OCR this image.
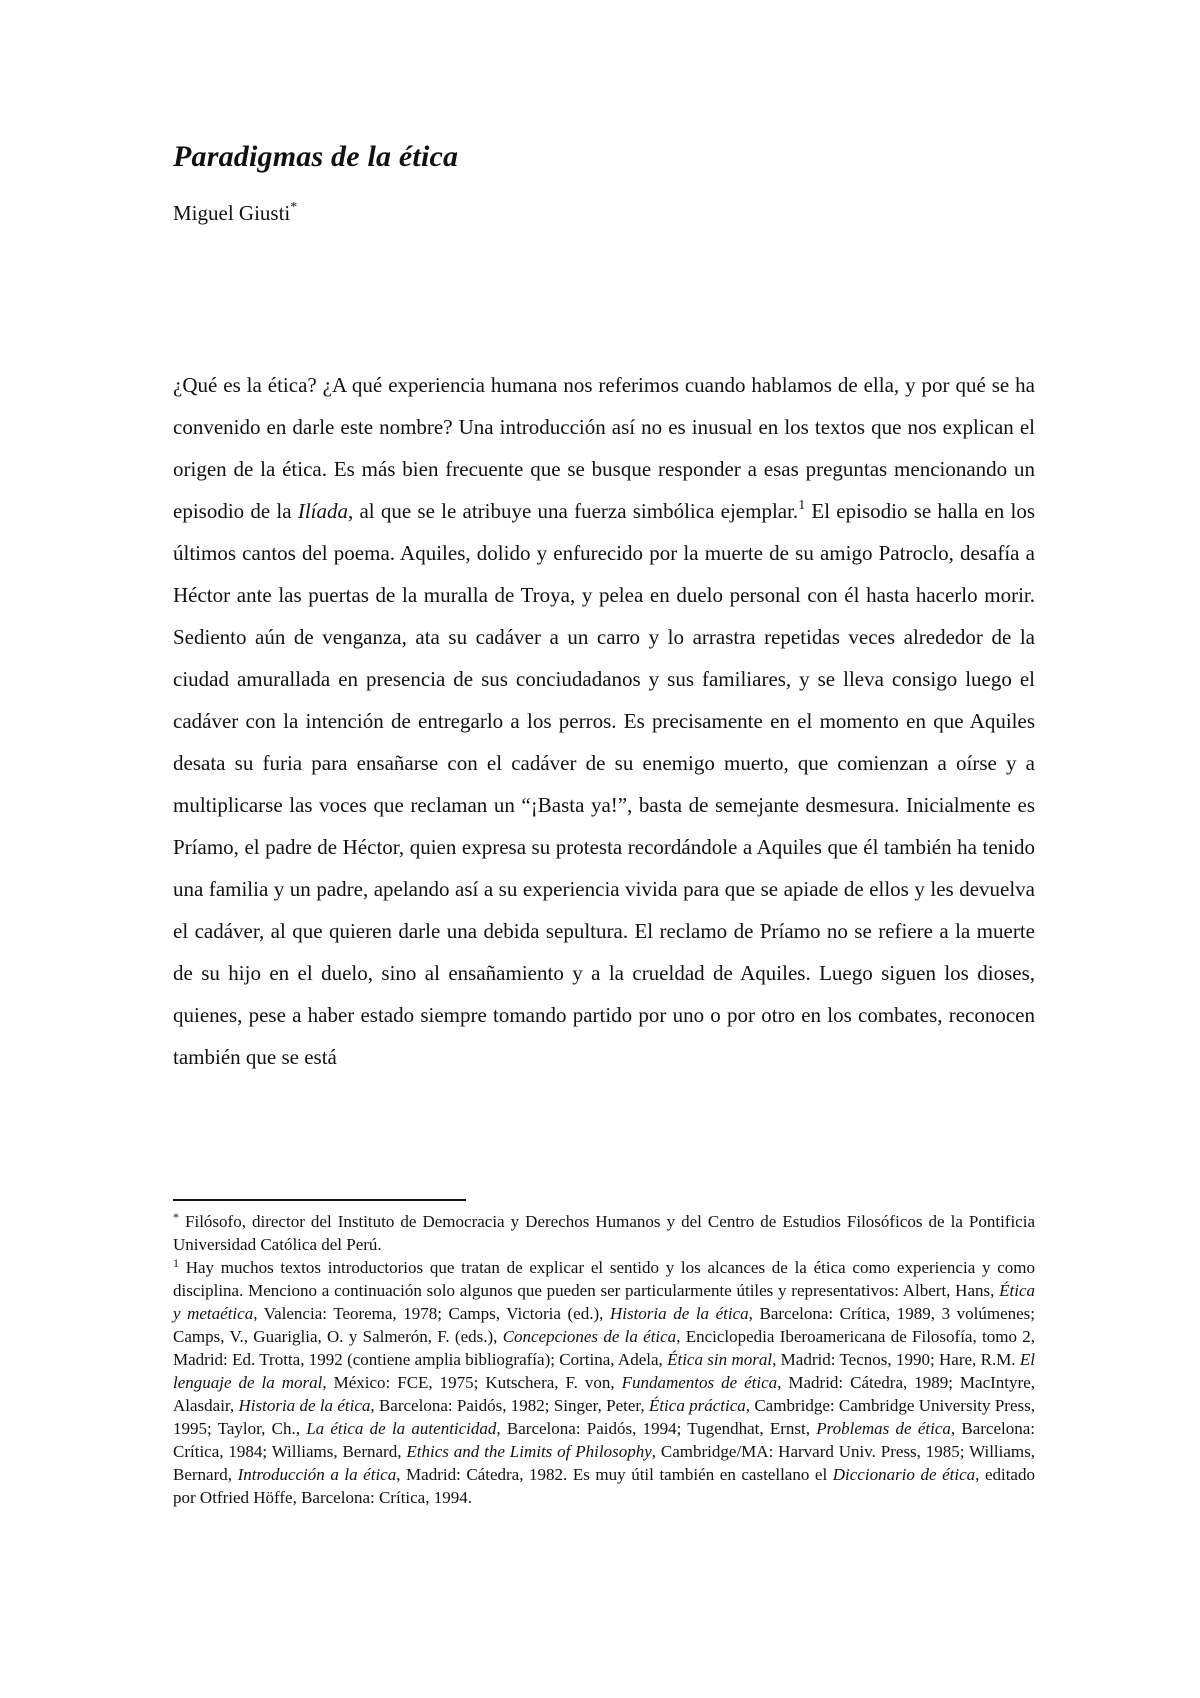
Paradigmas de la ética
Miguel Giusti*

¿Qué es la ética? ¿A qué experiencia humana nos referimos cuando hablamos de ella, y por qué se ha convenido en darle este nombre? Una introducción así no es inusual en los textos que nos explican el origen de la ética. Es más bien frecuente que se busque responder a esas preguntas mencionando un episodio de la Ilíada, al que se le atribuye una fuerza simbólica ejemplar.$^1$ El episodio se halla en los últimos cantos del poema. Aquiles, dolido y enfurecido por la muerte de su amigo Patroclo, desafía a Héctor ante las puertas de la muralla de Troya, y pelea en duelo personal con él hasta hacerlo morir. Sediento aún de venganza, ata su cadáver a un carro y lo arrastra repetidas veces alrededor de la ciudad amurallada en presencia de sus conciudadanos y sus familiares, y se lleva consigo luego el cadáver con la intención de entregarlo a los perros. Es precisamente en el momento en que Aquiles desata su furia para ensañarse con el cadáver de su enemigo muerto, que comienzan a oírse y a multiplicarse las voces que reclaman un “¡Basta ya!”, basta de semejante desmesura. Inicialmente es Príamo, el padre de Héctor, quien expresa su protesta recordándole a Aquiles que él también ha tenido una familia y un padre, apelando así a su experiencia vivida para que se apiade de ellos y les devuelva el cadáver, al que quieren darle una debida sepultura. El reclamo de Príamo no se refiere a la muerte de su hijo en el duelo, sino al ensañamiento y a la crueldad de Aquiles. Luego siguen los dioses, quienes, pese a haber estado siempre tomando partido por uno o por otro en los combates, reconocen también que se está

* Filósofo, director del Instituto de Democracia y Derechos Humanos y del Centro de Estudios Filosóficos de la Pontificia Universidad Católica del Perú.

$^1$ Hay muchos textos introductorios que tratan de explicar el sentido y los alcances de la ética como experiencia y como disciplina. Menciono a continuación solo algunos que pueden ser particularmente útiles y representativos: Albert, Hans, Ética y metaética, Valencia: Teorema, 1978; Camps, Victoria (ed.), Historia de la ética, Barcelona: Crítica, 1989, 3 volúmenes; Camps, V., Guariglia, O. y Salmerón, F. (eds.), Concepciones de la ética, Enciclopedia Iberoamericana de Filosofía, tomo 2, Madrid: Ed. Trotta, 1992 (contiene amplia bibliografía); Cortina, Adela, Ética sin moral, Madrid: Tecnos, 1990; Hare, R.M. El lenguaje de la moral, México: FCE, 1975; Kutschera, F. von, Fundamentos de ética, Madrid: Cátedra, 1989; MacIntyre, Alasdair, Historia de la ética, Barcelona: Paidós, 1982; Singer, Peter, Ética práctica, Cambridge: Cambridge University Press, 1995; Taylor, Ch., La ética de la autenticidad, Barcelona: Paidós, 1994; Tugendhat, Ernst, Problemas de ética, Barcelona: Crítica, 1984; Williams, Bernard, Ethics and the Limits of Philosophy, Cambridge/MA: Harvard Univ. Press, 1985; Williams, Bernard, Introducción a la ética, Madrid: Cátedra, 1982. Es muy útil también en castellano el Diccionario de ética, editado por Otfried Höffe, Barcelona: Crítica, 1994.
